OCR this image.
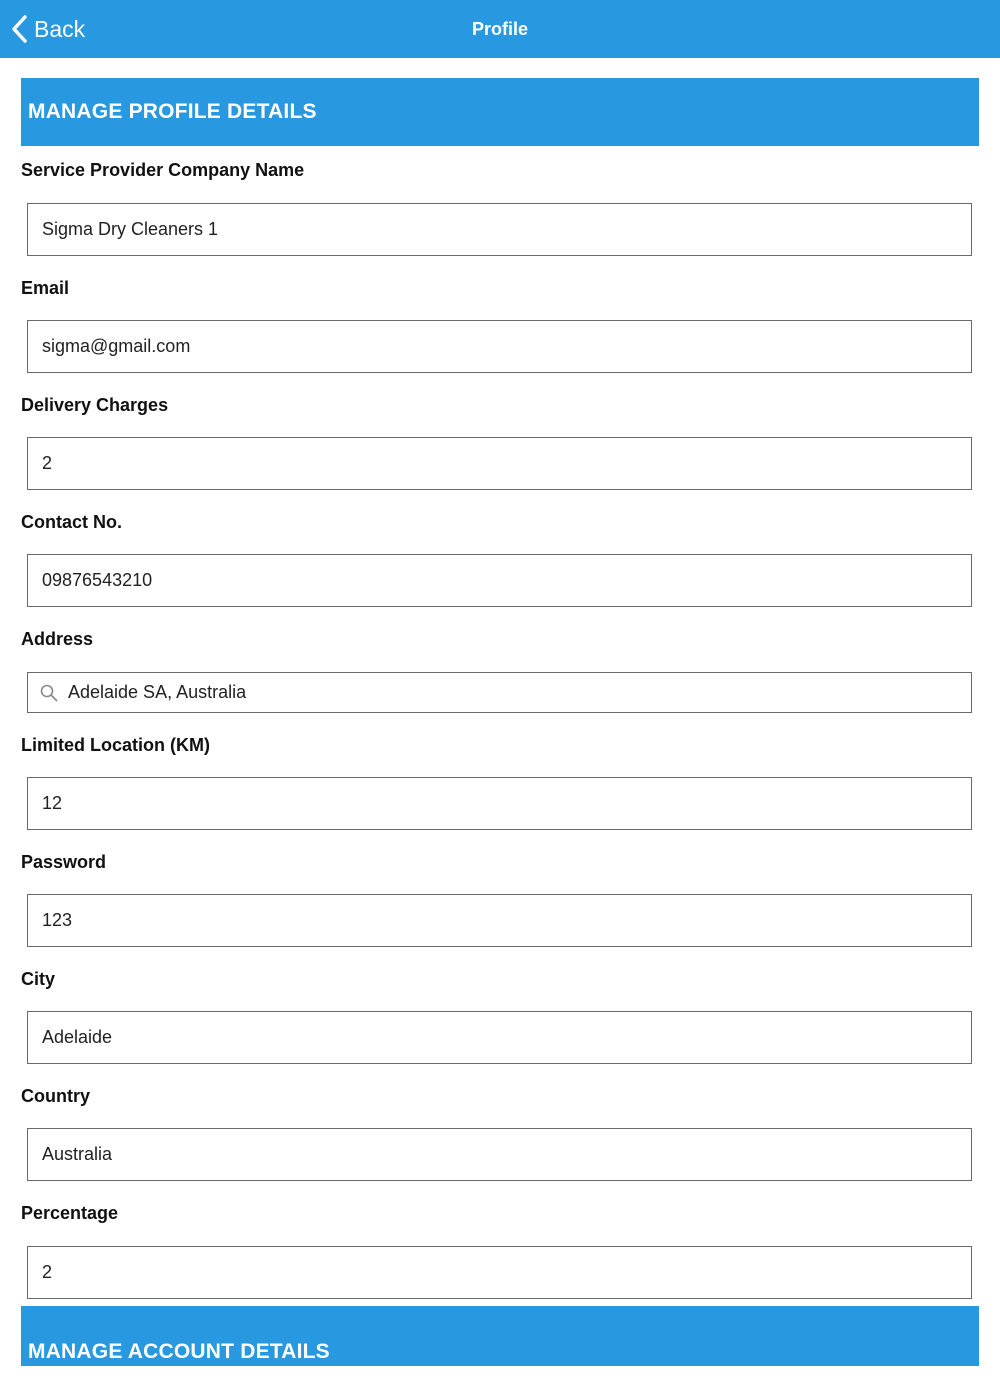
Back	Profile
MANAGE PROFILE DETAILS
Service Provider Company Name
Sigma Dry Cleaners 1
Email
sigma@gmail.com
Delivery Charges
2
Contact No.
09876543210
Address
Adelaide SA, Australia
Limited Location (KM)
12
Password
123
City
Adelaide
Country
Australia
Percentage
2
MANAGE ACCOUNT DETAILS
